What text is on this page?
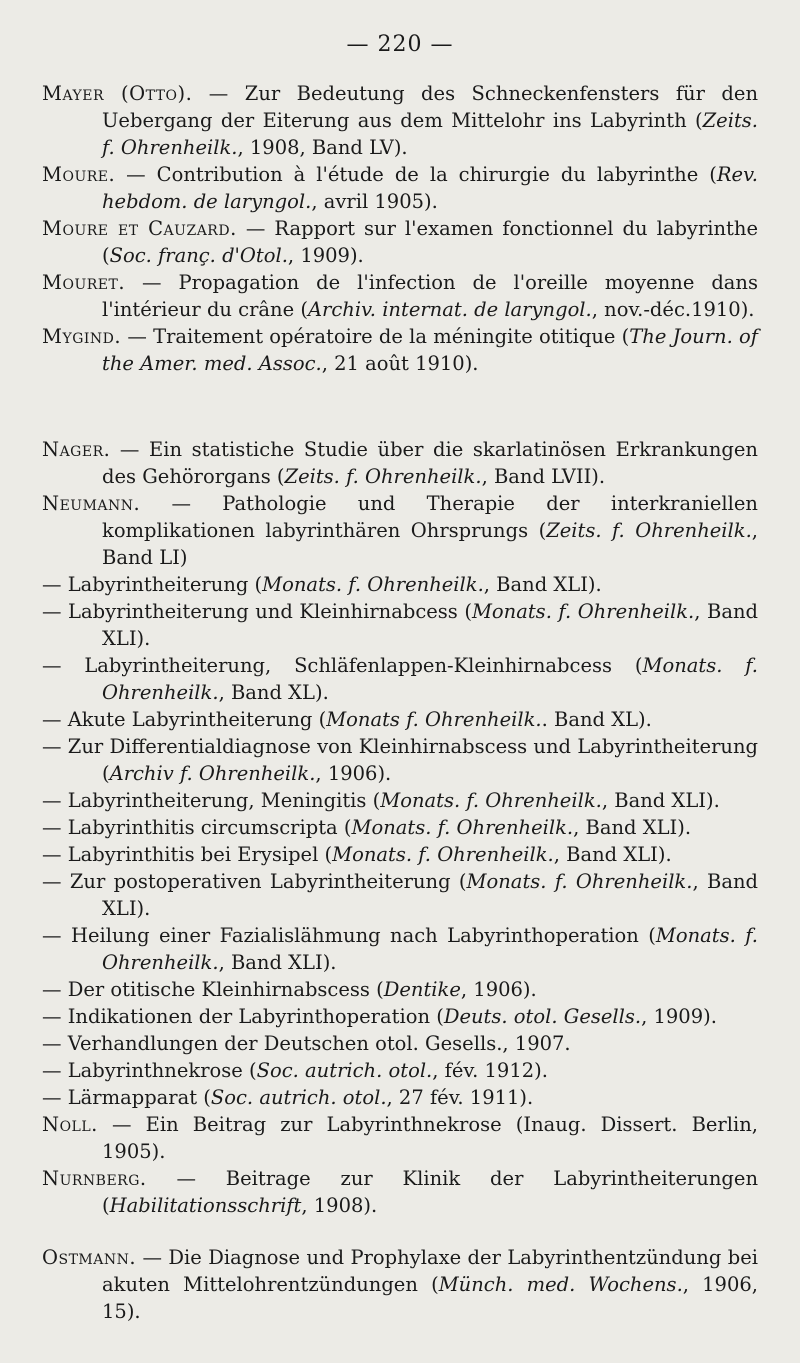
— 220 —
Mayer (Otto). — Zur Bedeutung des Schneckenfensters für den Uebergang der Eiterung aus dem Mittelohr ins Labyrinth (Zeits. f. Ohrenheilk., 1908, Band LV).
Moure. — Contribution à l'étude de la chirurgie du labyrinthe (Rev. hebdom. de laryngol., avril 1905).
Moure et Cauzard. — Rapport sur l'examen fonctionnel du labyrinthe (Soc. franç. d'Otol., 1909).
Mouret. — Propagation de l'infection de l'oreille moyenne dans l'intérieur du crâne (Archiv. internat. de laryngol., nov.-déc.1910).
Mygind. — Traitement opératoire de la méningite otitique (The Journ. of the Amer. med. Assoc., 21 août 1910).
Nager. — Ein statistiche Studie über die skarlatinösen Erkrankungen des Gehörorgans (Zeits. f. Ohrenheilk., Band LVII).
Neumann. — Pathologie und Therapie der interkraniellen komplikationen labyrinthären Ohrsprungs (Zeits. f. Ohrenheilk., Band LI)
— Labyrintheiterung (Monats. f. Ohrenheilk., Band XLI).
— Labyrintheiterung und Kleinhirnabcess (Monats. f. Ohrenheilk., Band XLI).
— Labyrintheiterung, Schläfenlappen-Kleinhirnabcess (Monats. f. Ohrenheilk., Band XL).
— Akute Labyrintheiterung (Monats f. Ohrenheilk.. Band XL).
— Zur Differentialdiagnose von Kleinhirnabscess und Labyrintheiterung (Archiv f. Ohrenheilk., 1906).
— Labyrintheiterung, Meningitis (Monats. f. Ohrenheilk., Band XLI).
— Labyrinthitis circumscripta (Monats. f. Ohrenheilk., Band XLI).
— Labyrinthitis bei Erysipel (Monats. f. Ohrenheilk., Band XLI).
— Zur postoperativen Labyrintheiterung (Monats. f. Ohrenheilk., Band XLI).
— Heilung einer Fazialislähmung nach Labyrinthoperation (Monats. f. Ohrenheilk., Band XLI).
— Der otitische Kleinhirnabscess (Dentike, 1906).
— Indikationen der Labyrinthoperation (Deuts. otol. Gesells., 1909).
— Verhandlungen der Deutschen otol. Gesells., 1907.
— Labyrinthnekrose (Soc. autrich. otol., fév. 1912).
— Lärmapparat (Soc. autrich. otol., 27 fév. 1911).
Noll. — Ein Beitrag zur Labyrinthnekrose (Inaug. Dissert. Berlin, 1905).
Nurnberg. — Beitrage zur Klinik der Labyrintheiterungen (Habilitationsschrift, 1908).
Ostmann. — Die Diagnose und Prophylaxe der Labyrinthentzündung bei akuten Mittelohrentzündungen (Münch. med. Wochens., 1906, 15).
